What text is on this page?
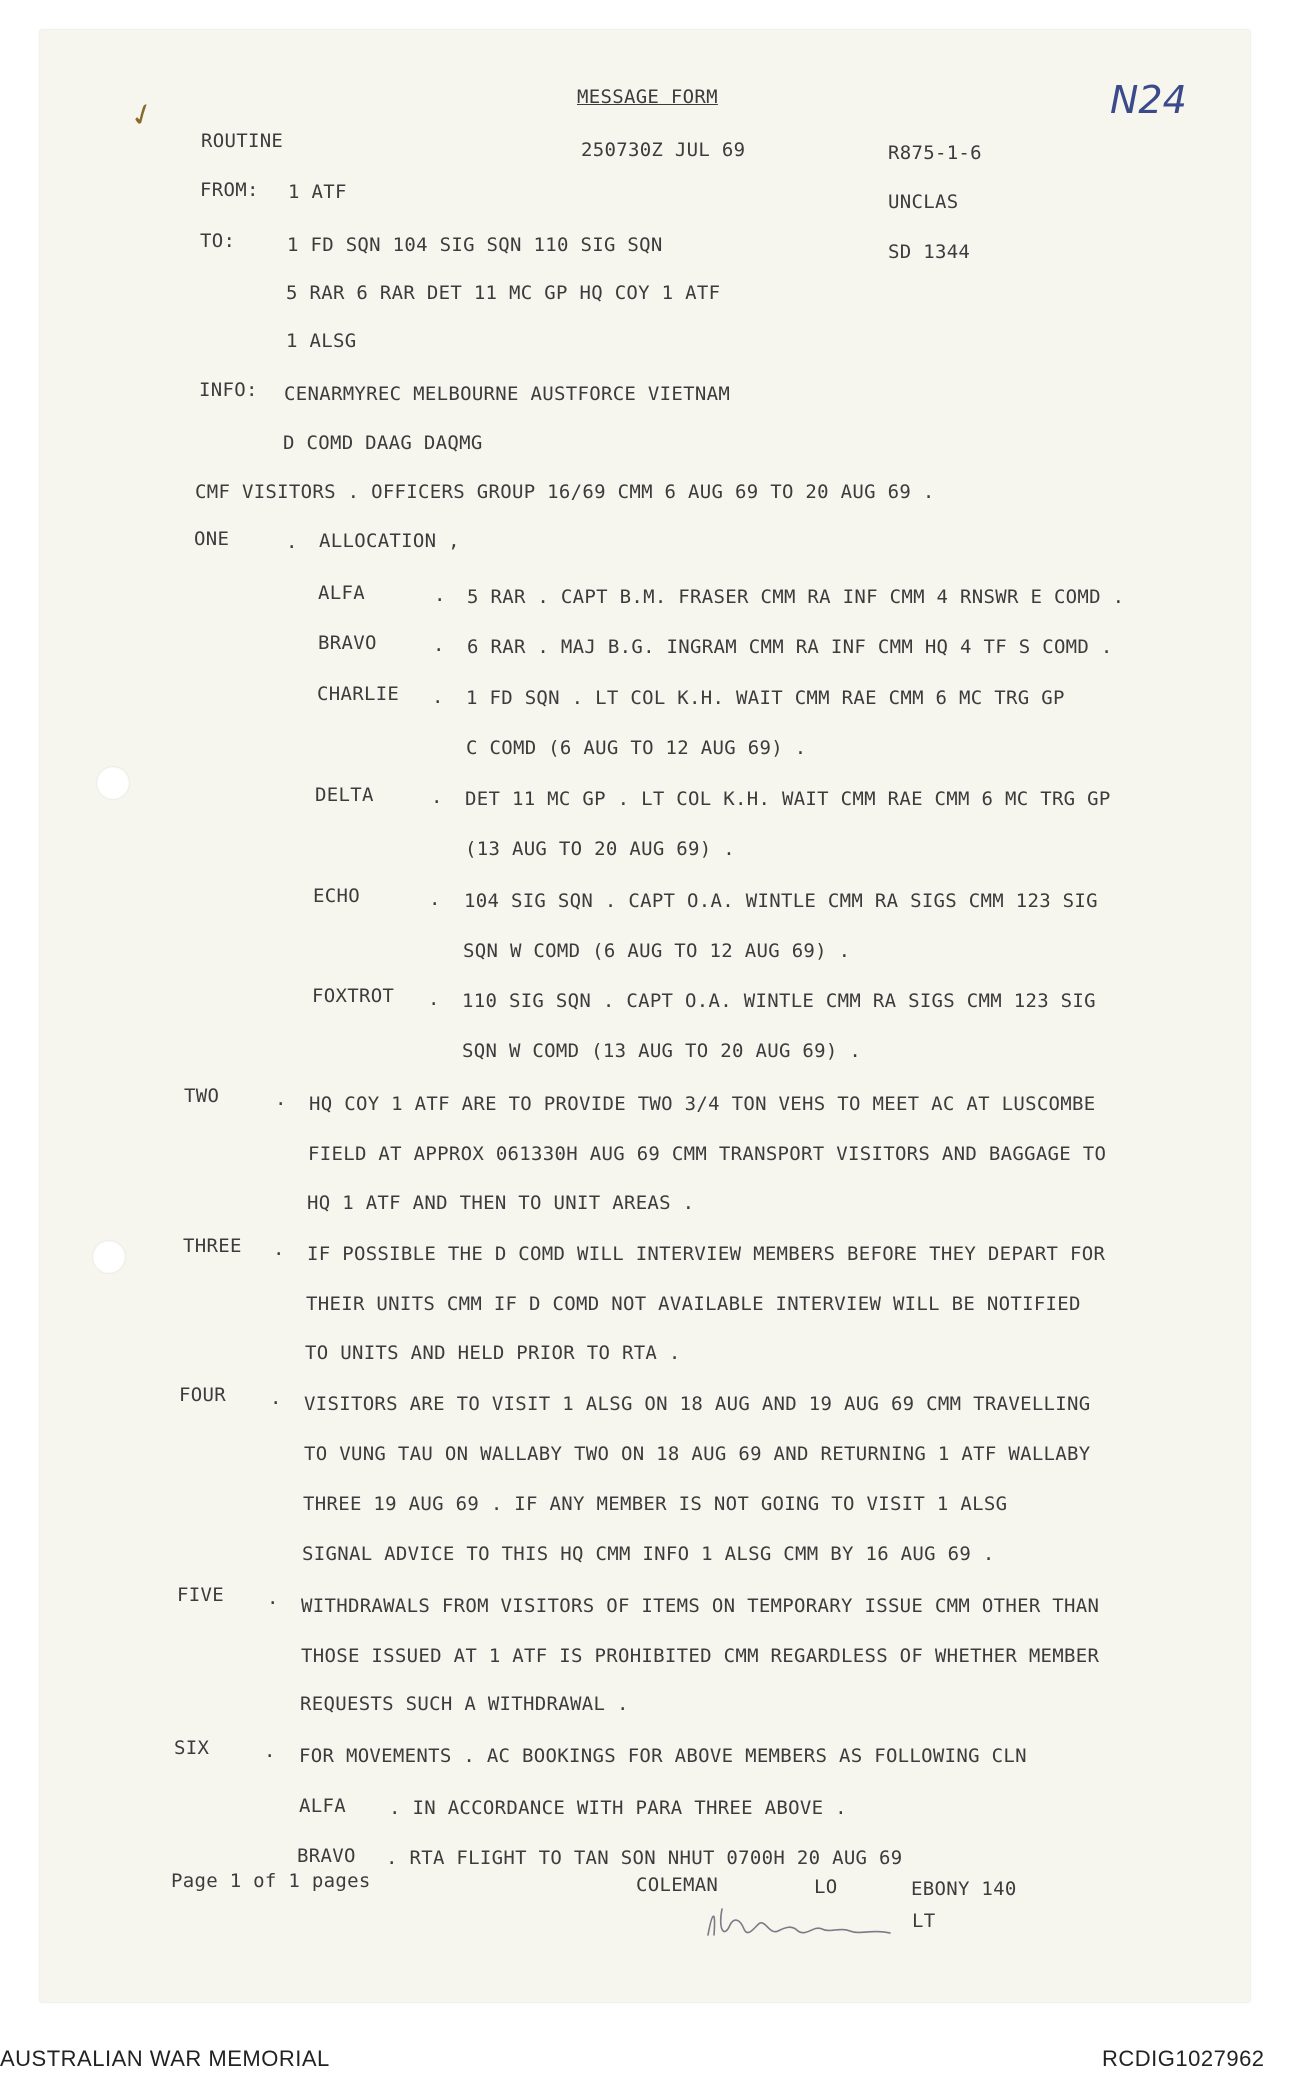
✓	N24
MESSAGE FORM
ROUTINE	250730Z JUL 69	R875-1-6
FROM: 1 ATF	UNCLAS
TO:	1 FD SQN 104 SIG SQN 110 SIG SQN	SD 1344
5 RAR 6 RAR DET 11 MC GP HQ COY 1 ATF
1 ALSG
INFO: CENARMYREC MELBOURNE AUSTFORCE VIETNAM
D COMD DAAG DAQMG
CMF VISITORS . OFFICERS GROUP 16/69 CMM 6 AUG 69 TO 20 AUG 69 .
ONE	. ALLOCATION ,
ALFA	. 5 RAR . CAPT B.M. FRASER CMM RA INF CMM 4 RNSWR E COMD .
BRAVO	. 6 RAR . MAJ B.G. INGRAM CMM RA INF CMM HQ 4 TF S COMD .
CHARLIE . 1 FD SQN . LT COL K.H. WAIT CMM RAE CMM 6 MC TRG GP
C COMD (6 AUG TO 12 AUG 69) .
DELTA	. DET 11 MC GP . LT COL K.H. WAIT CMM RAE CMM 6 MC TRG GP
(13 AUG TO 20 AUG 69) .
ECHO	. 104 SIG SQN . CAPT O.A. WINTLE CMM RA SIGS CMM 123 SIG
SQN W COMD (6 AUG TO 12 AUG 69) .
FOXTROT . 110 SIG SQN . CAPT O.A. WINTLE CMM RA SIGS CMM 123 SIG
SQN W COMD (13 AUG TO 20 AUG 69) .
TWO	. HQ COY 1 ATF ARE TO PROVIDE TWO 3/4 TON VEHS TO MEET AC AT LUSCOMBE
FIELD AT APPROX 061330H AUG 69 CMM TRANSPORT VISITORS AND BAGGAGE TO
HQ 1 ATF AND THEN TO UNIT AREAS .
THREE . IF POSSIBLE THE D COMD WILL INTERVIEW MEMBERS BEFORE THEY DEPART FOR
THEIR UNITS CMM IF D COMD NOT AVAILABLE INTERVIEW WILL BE NOTIFIED
TO UNITS AND HELD PRIOR TO RTA .
FOUR . VISITORS ARE TO VISIT 1 ALSG ON 18 AUG AND 19 AUG 69 CMM TRAVELLING
TO VUNG TAU ON WALLABY TWO ON 18 AUG 69 AND RETURNING 1 ATF WALLABY
THREE 19 AUG 69 . IF ANY MEMBER IS NOT GOING TO VISIT 1 ALSG
SIGNAL ADVICE TO THIS HQ CMM INFO 1 ALSG CMM BY 16 AUG 69 .
FIVE . WITHDRAWALS FROM VISITORS OF ITEMS ON TEMPORARY ISSUE CMM OTHER THAN
THOSE ISSUED AT 1 ATF IS PROHIBITED CMM REGARDLESS OF WHETHER MEMBER
REQUESTS SUCH A WITHDRAWAL .
SIX	. FOR MOVEMENTS . AC BOOKINGS FOR ABOVE MEMBERS AS FOLLOWING CLN
ALFA . IN ACCORDANCE WITH PARA THREE ABOVE .
BRAVO . RTA FLIGHT TO TAN SON NHUT 0700H 20 AUG 69
Page 1 of 1 pages	COLEMAN	LO	EBONY 140
LT
AUSTRALIAN WAR MEMORIAL	RCDIG1027962
